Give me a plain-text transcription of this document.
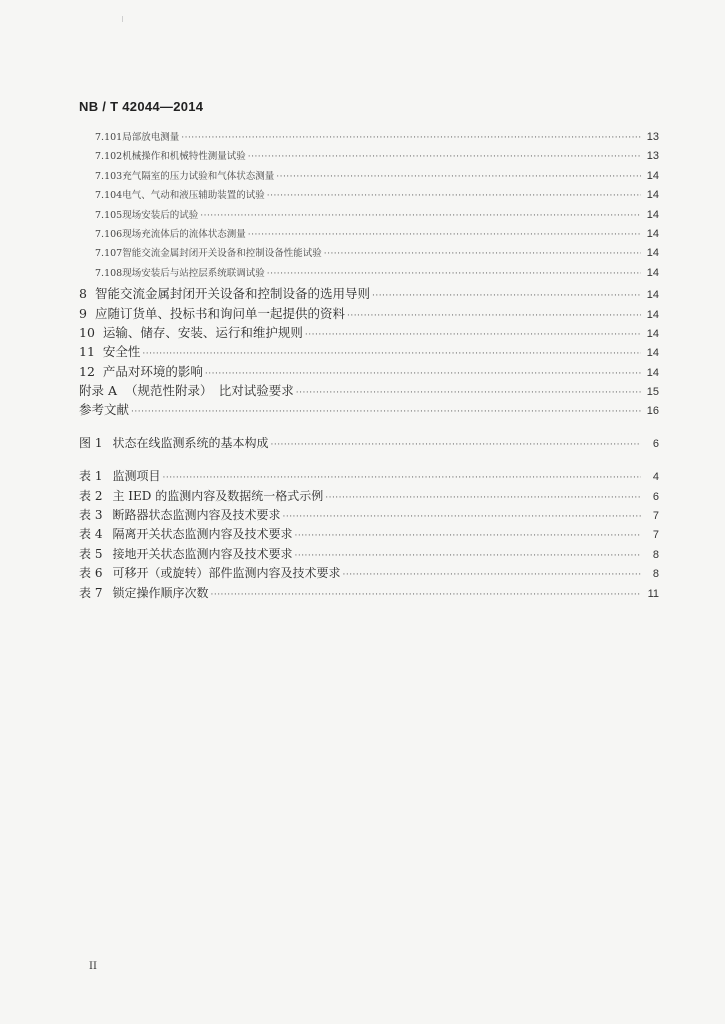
NB / T 42044—2014
7.101 局部放电测量 ·····	13
7.102 机械操作和机械特性测量试验 ·····	13
7.103 充气隔室的压力试验和气体状态测量 ·····	14
7.104 电气、气动和液压辅助装置的试验 ·····	14
7.105 现场安装后的试验 ·····	14
7.106 现场充流体后的流体状态测量 ·····	14
7.107 智能交流金属封闭开关设备和控制设备性能试验 ·····	14
7.108 现场安装后与站控层系统联调试验 ·····	14
8 智能交流金属封闭开关设备和控制设备的选用导则 ·····	14
9 应随订货单、投标书和询问单一起提供的资料 ·····	14
10 运输、储存、安装、运行和维护规则 ·····	14
11 安全性 ·····	14
12 产品对环境的影响 ·····	14
附录 A （规范性附录）　比对试验要求 ·····	15
参考文献 ·····	16
图 1 状态在线监测系统的基本构成 ·····	6
表 1 监测项目 ·····	4
表 2 主 IED 的监测内容及数据统一格式示例 ·····	6
表 3 断路器状态监测内容及技术要求 ·····	7
表 4 隔离开关状态监测内容及技术要求 ·····	7
表 5 接地开关状态监测内容及技术要求 ·····	8
表 6 可移开（或旋转）部件监测内容及技术要求 ·····	8
表 7 锁定操作顺序次数 ·····	11
II
